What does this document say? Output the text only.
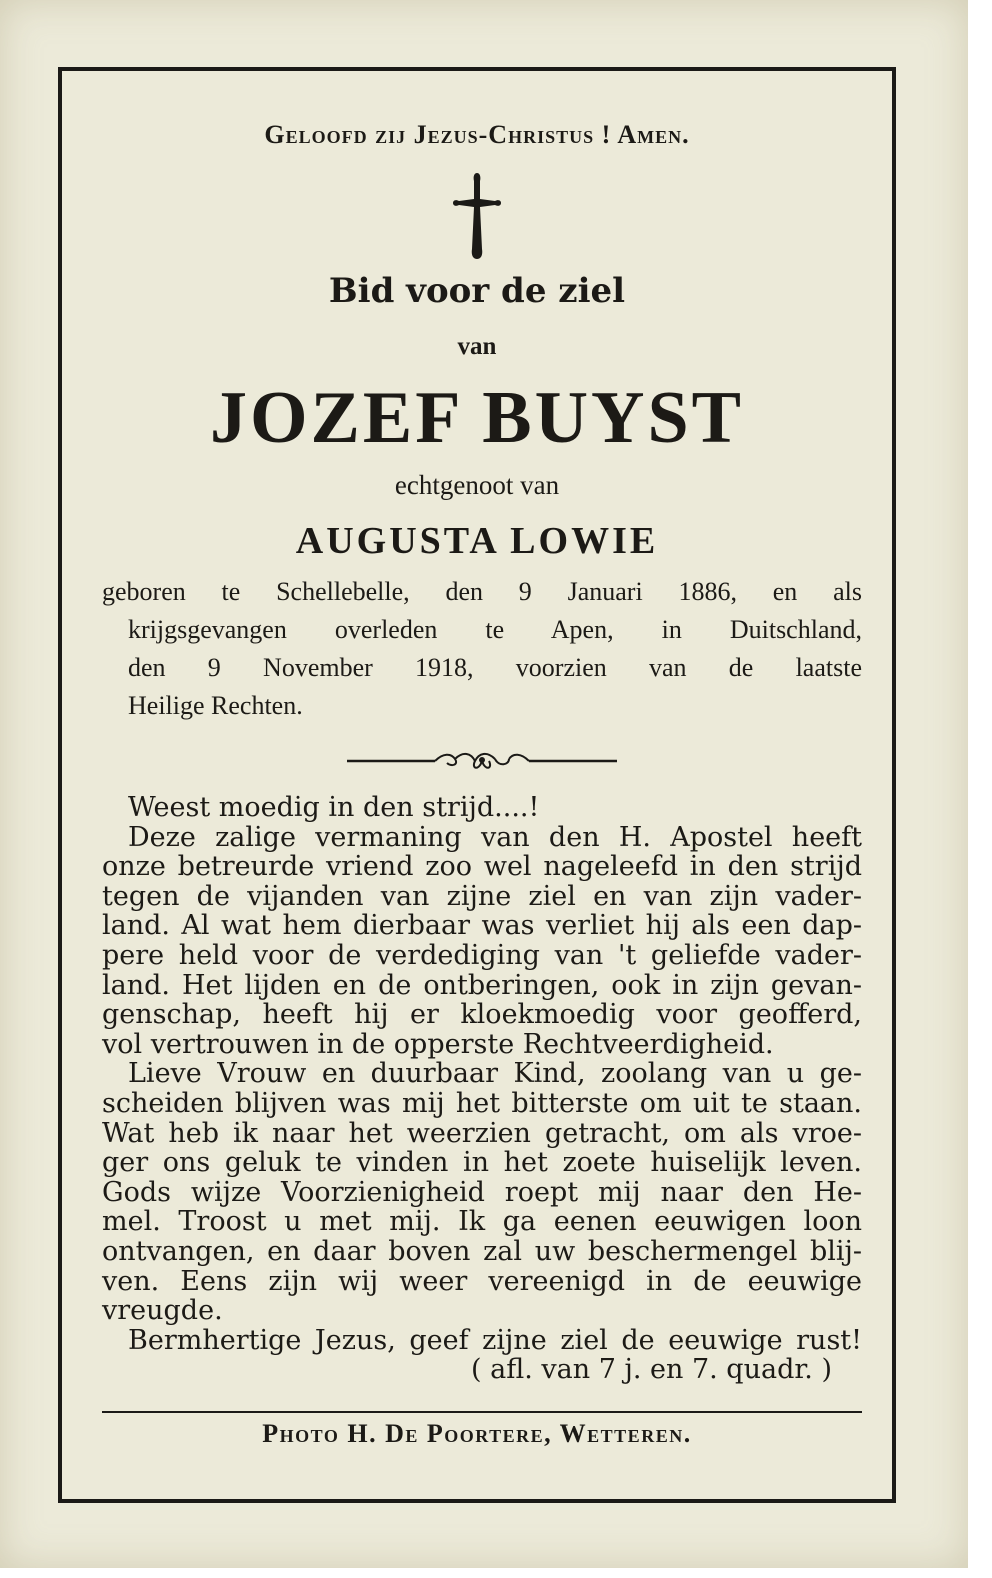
Geloofd zij Jezus-Christus ! Amen.
Bid voor de ziel
van
JOZEF BUYST
echtgenoot van
AUGUSTA LOWIE
geboren te Schellebelle, den 9 Januari 1886, en als
krijgsgevangen overleden te Apen, in Duitschland,
den 9 November 1918, voorzien van de laatste
Heilige Rechten.
Weest moedig in den strijd....!
Deze zalige vermaning van den H. Apostel heeft
onze betreurde vriend zoo wel nageleefd in den strijd
tegen de vijanden van zijne ziel en van zijn vader-
land. Al wat hem dierbaar was verliet hij als een dap-
pere held voor de verdediging van 't geliefde vader-
land. Het lijden en de ontberingen, ook in zijn gevan-
genschap, heeft hij er kloekmoedig voor geofferd,
vol vertrouwen in de opperste Rechtveerdigheid.
Lieve Vrouw en duurbaar Kind, zoolang van u ge-
scheiden blijven was mij het bitterste om uit te staan.
Wat heb ik naar het weerzien getracht, om als vroe-
ger ons geluk te vinden in het zoete huiselijk leven.
Gods wijze Voorzienigheid roept mij naar den He-
mel. Troost u met mij. Ik ga eenen eeuwigen loon
ontvangen, en daar boven zal uw beschermengel blij-
ven. Eens zijn wij weer vereenigd in de eeuwige
vreugde.
Bermhertige Jezus, geef zijne ziel de eeuwige rust!
( afl. van 7 j. en 7. quadr. )
Photo H. De Poortere, Wetteren.
